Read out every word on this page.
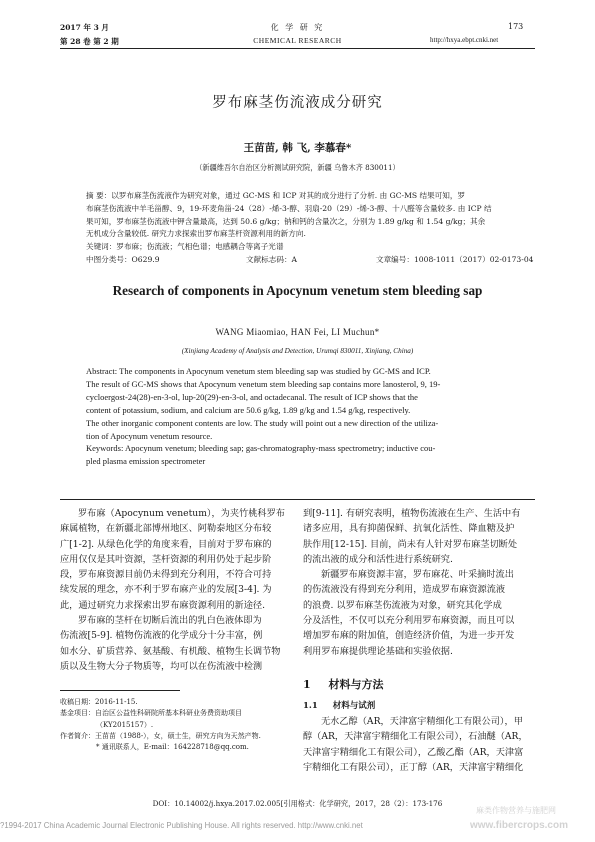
2017 年 3 月
第 28 卷 第 2 期
化 学 研 究
CHEMICAL RESEARCH
173
http://hxya.ebpt.cnki.net
罗布麻茎伤流液成分研究
王苗苗, 韩 飞, 李慕春*
（新疆维吾尔自治区分析测试研究院，新疆 乌鲁木齐 830011）
摘 要：以罗布麻茎伤流液作为研究对象，通过 GC-MS 和 ICP 对其的成分进行了分析. 由 GC-MS 结果可知，罗
布麻茎伤流液中羊毛甾醇、9，19-环麦角甾-24（28）-烯-3-醇、羽扇-20（29）-烯-3-醇、十八醛等含量较多. 由 ICP 结
果可知，罗布麻茎伤流液中钾含量最高，达到 50.6 g/kg；钠和钙的含量次之，分别为 1.89 g/kg 和 1.54 g/kg；其余
无机成分含量较低. 研究力求探索出罗布麻茎杆资源利用的新方向.
关键词：罗布麻；伤流液；气相色谱；电感耦合等离子光谱
中图分类号：O629.9	文献标志码：A	文章编号：1008-1011（2017）02-0173-04
Research of components in Apocynum venetum stem bleeding sap
WANG Miaomiao, HAN Fei, LI Muchun*
(Xinjiang Academy of Analysis and Detection, Urumqi 830011, Xinjiang, China)
Abstract: The components in Apocynum venetum stem bleeding sap was studied by GC-MS and ICP.
The result of GC-MS shows that Apocynum venetum stem bleeding sap contains more lanosterol, 9, 19-
cycloergost-24(28)-en-3-ol, lup-20(29)-en-3-ol, and octadecanal. The result of ICP shows that the
content of potassium, sodium, and calcium are 50.6 g/kg, 1.89 g/kg and 1.54 g/kg, respectively.
The other inorganic component contents are low. The study will point out a new direction of the utiliza-
tion of Apocynum venetum resource.
Keywords: Apocynum venetum; bleeding sap; gas-chromatography-mass spectrometry; inductive cou-
pled plasma emission spectrometer
罗布麻（Apocynum venetum），为夹竹桃科罗布
麻属植物，在新疆北部博州地区、阿勒泰地区分布较
广[1-2]. 从绿色化学的角度来看，目前对于罗布麻的
应用仅仅是其叶资源，茎杆资源的利用仍处于起步阶
段，罗布麻资源目前仍未得到充分利用，不符合可持
续发展的理念，亦不利于罗布麻产业的发展[3-4]. 为
此，通过研究力求探索出罗布麻资源利用的新途径.
罗布麻的茎杆在切断后流出的乳白色液体即为
伤流液[5-9]. 植物伤流液的化学成分十分丰富，例
如水分、矿质营养、氨基酸、有机酸、植物生长调节物
质以及生物大分子物质等，均可以在伤流液中检测
收稿日期：2016-11-15.
基金项目：自治区公益性科研院所基本科研业务费资助项目
（KY2015157）.
作者简介：王苗苗（1988-），女，硕士生，研究方向为天然产物.
* 通讯联系人，E-mail：164228718@qq.com.
到[9-11]. 有研究表明，植物伤流液在生产、生活中有
诸多应用，具有抑菌保鲜、抗氧化活性、降血糖及护
肤作用[12-15]. 目前，尚未有人针对罗布麻茎切断处
的流出液的成分和活性进行系统研究.
新疆罗布麻资源丰富，罗布麻花、叶采摘时流出
的伤流液没有得到充分利用，造成罗布麻资源流液
的浪费. 以罗布麻茎伤流液为对象，研究其化学成
分及活性，不仅可以充分利用罗布麻资源，而且可以
增加罗布麻的附加值，创造经济价值，为进一步开发
利用罗布麻提供理论基础和实验依据.
1 材料与方法
1.1 材料与试剂
无水乙醇（AR，天津富宇精细化工有限公司），甲
醇（AR，天津富宇精细化工有限公司），石油醚（AR，
天津富宇精细化工有限公司），乙酸乙酯（AR，天津富
宇精细化工有限公司），正丁醇（AR，天津富宇精细化
DOI：10.14002/j.hxya.2017.02.005[引用格式：化学研究，2017，28（2）：173-176
?1994-2017 China Academic Journal Electronic Publishing House. All rights reserved. http://www.cnki.net
麻类作物营养与施肥网
www.fibercrops.com
